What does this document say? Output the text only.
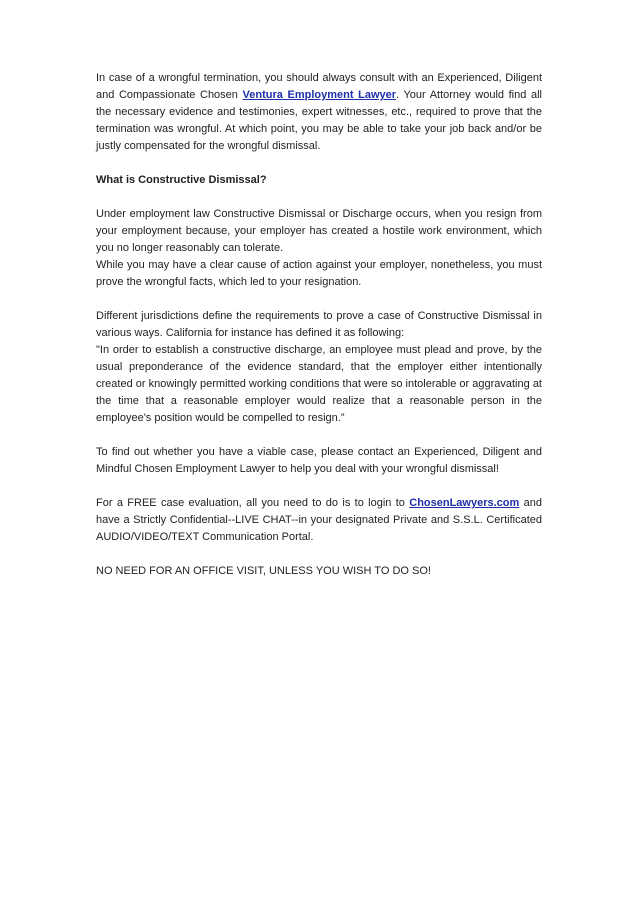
In case of a wrongful termination, you should always consult with an Experienced, Diligent and Compassionate Chosen Ventura Employment Lawyer. Your Attorney would find all the necessary evidence and testimonies, expert witnesses, etc., required to prove that the termination was wrongful. At which point, you may be able to take your job back and/or be justly compensated for the wrongful dismissal.

What is Constructive Dismissal?

Under employment law Constructive Dismissal or Discharge occurs, when you resign from your employment because, your employer has created a hostile work environment, which you no longer reasonably can tolerate.
While you may have a clear cause of action against your employer, nonetheless, you must prove the wrongful facts, which led to your resignation.

Different jurisdictions define the requirements to prove a case of Constructive Dismissal in various ways. California for instance has defined it as following:
"In order to establish a constructive discharge, an employee must plead and prove, by the usual preponderance of the evidence standard, that the employer either intentionally created or knowingly permitted working conditions that were so intolerable or aggravating at the time that a reasonable employer would realize that a reasonable person in the employee's position would be compelled to resign.”

To find out whether you have a viable case, please contact an Experienced, Diligent and Mindful Chosen Employment Lawyer to help you deal with your wrongful dismissal!

For a FREE case evaluation, all you need to do is to login to ChosenLawyers.com and have a Strictly Confidential--LIVE CHAT--in your designated Private and S.S.L. Certificated AUDIO/VIDEO/TEXT Communication Portal.

NO NEED FOR AN OFFICE VISIT, UNLESS YOU WISH TO DO SO!
